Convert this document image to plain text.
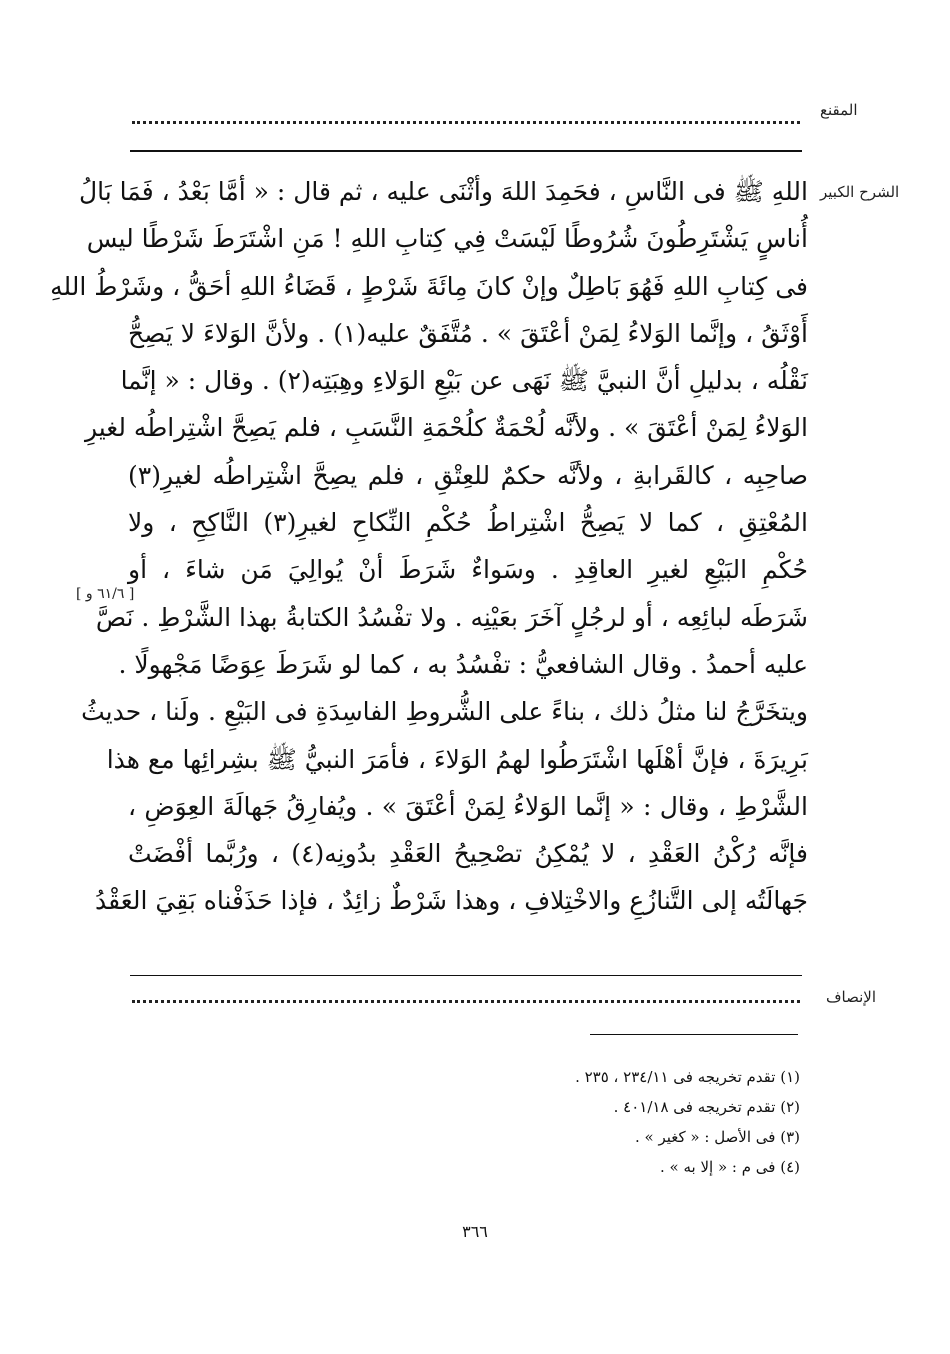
المقنع
الشرح الكبير
[ ٦١/٦ و ]
اللهِ ﷺ فى النَّاسِ ، فحَمِدَ اللهَ وأثْنَى عليه ، ثم قال : « أمَّا بَعْدُ ، فَمَا بَالُ
أُناسٍ يَشْتَرِطُونَ شُرُوطًا لَيْسَتْ فِي كِتابِ اللهِ ! مَنِ اشْتَرَطَ شَرْطًا ليس
فى كِتابِ اللهِ فَهُوَ بَاطِلٌ وإنْ كانَ مِائَةَ شَرْطٍ ، قَضَاءُ اللهِ أحَقُّ ، وشَرْطُ اللهِ
أَوْثَقُ ، وإنَّما الوَلاءُ لِمَنْ أعْتَقَ » . مُتَّفَقٌ عليه(١) . ولأنَّ الوَلاءَ لا يَصِحُّ
نَقْلُه ، بدليلِ أنَّ النبيَّ ﷺ نَهَى عن بَيْعِ الوَلاءِ وهِبَتِه(٢) . وقال : « إنَّما
الوَلاءُ لِمَنْ أعْتَقَ » . ولأنَّه لُحْمَةٌ كلُحْمَةِ النَّسَبِ ، فلم يَصِحَّ اشْتِراطُه لغيرِ
صاحِبِه ، كالقَرابةِ ، ولأنَّه حكمٌ للعِتْقِ ، فلم يصِحَّ اشْتِراطُه لغيرِ(٣)
المُعْتِقِ ، كما لا يَصِحُّ اشْتِراطُ حُكْمِ النِّكاحِ لغيرِ(٣) النَّاكِحِ ، ولا
حُكْمِ البَيْعِ لغيرِ العاقِدِ . وسَواءٌ شَرَطَ أنْ يُوالِيَ مَن شاءَ ، أو
شَرَطَه لبائِعِه ، أو لرجُلٍ آخَرَ بعَيْنِه . ولا تفْسُدُ الكتابةُ بهذا الشَّرْطِ . نَصَّ
عليه أحمدُ . وقال الشافعيُّ : تفْسُدُ به ، كما لو شَرَطَ عِوَضًا مَجْهولًا .
ويتخَرَّجُ لنا مثلُ ذلك ، بناءً على الشُّروطِ الفاسِدَةِ فى البَيْعِ . ولَنا ، حديثُ
بَرِيرَةَ ، فإنَّ أهْلَها اشْتَرَطُوا لهمُ الوَلاءَ ، فأمَرَ النبيُّ ﷺ بشِرائِها مع هذا
الشَّرْطِ ، وقال : « إنَّما الوَلاءُ لِمَنْ أعْتَقَ » . ويُفارِقُ جَهالَةَ العِوَضِ ،
فإنَّه رُكْنُ العَقْدِ ، لا يُمْكِنُ تصْحِيحُ العَقْدِ بدُونِه(٤) ، ورُبَّما أفْضَتْ
جَهالَتُه إلى التَّنازُعِ والاخْتِلافِ ، وهذا شَرْطٌ زائِدٌ ، فإذا حَذَفْناه بَقِيَ العَقْدُ
الإنصاف
(١) تقدم تخريجه فى ٢٣٤/١١ ، ٢٣٥ .
(٢) تقدم تخريجه فى ٤٠١/١٨ .
(٣) فى الأصل : « كغير » .
(٤) فى م : « إلا به » .
٣٦٦
